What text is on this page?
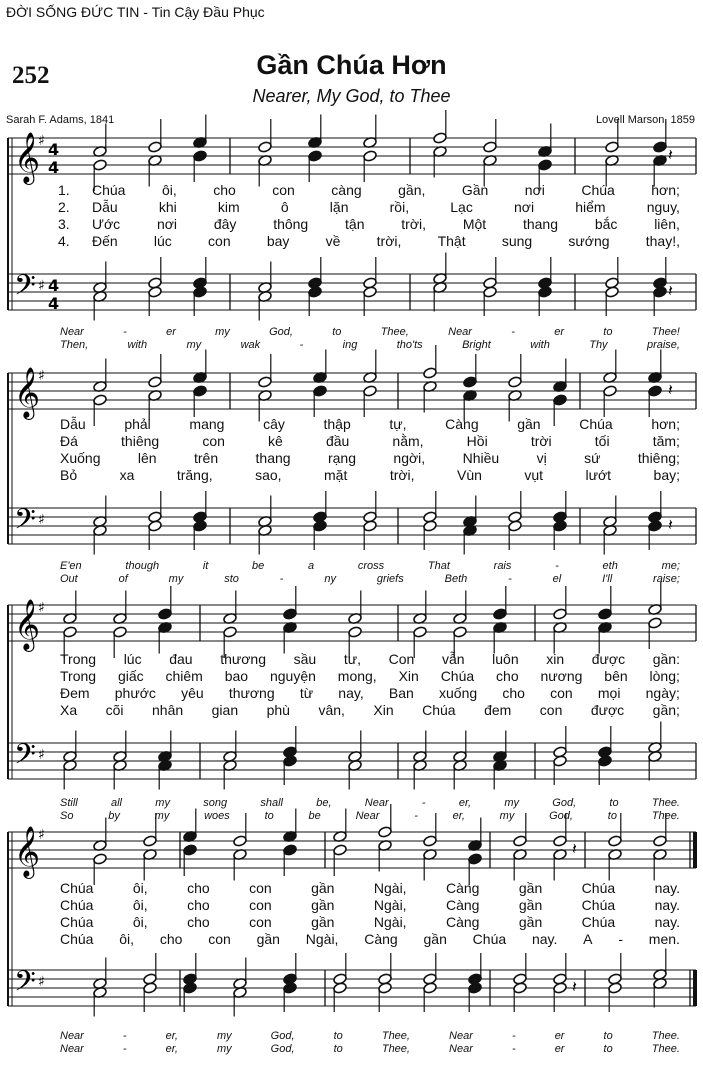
ĐỜI SỐNG ĐỨC TIN - Tin Cậy Đầu Phục
252	Gần Chúa Hơn
Nearer, My God, to Thee
Sarah F. Adams, 1841	Lovell Marson, 1859
𝄞
𝄢
♯
♯
4
4
4
4
𝄽
𝄽
𝄞
𝄢
♯
♯
𝄽
𝄽
𝄞
𝄢
♯
♯
𝄞
𝄢
♯
♯
𝄽
𝄽
Chúa	ôi,	cho	con	càng	gần,	Gần	nơi	Chúa	hơn;
Dẫu	khi	kim	ô	lặn	rồi,	Lạc	nơi	hiểm	nguy,
Ước	nơi	đây	thông	tận	trời,	Một	thang	bắc	liên,
Đến	lúc	con	bay	về	trời,	Thật	sung	sướng	thay!,
1.
2.
3.
4.
Near	-	er	my	God,	to	Thee,	Near	-	er	to	Thee!
Then,	with	my	wak	-	ing	tho'ts	Bright	with	Thy	praise,
Dẫu	phải	mang	cây	thập	tự,	Càng	gần	Chúa	hơn;
Đá	thiêng	con	kê	đầu	nằm,	Hồi	trời	tối	tăm;
Xuống	lên	trên	thang	rạng	ngời,	Nhiều	vị	sứ	thiêng;
Bỏ	xa	trăng,	sao,	mặt	trời,	Vùn	vụt	lướt	bay;
E'en	though	it	be	a	cross	That	rais	-	eth	me;
Out	of	my	sto	-	ny	griefs	Beth	-	el	I'll	raise;
Trong lúc đau thương sầu tư, Con vẫn luôn xin được gần:
Trong giấc chiêm bao nguyện mong, Xin Chúa cho nương bên lòng;
Đem phước yêu thương từ nay, Ban xuống cho con mọi ngày;
Xa cõi nhân gian phù vân, Xin Chúa đem con được gần;
Still	all	my	song	shall	be,	Near	-	er,	my	God,	to	Thee.
So	by	my	woes	to	be	Near	-	er,	my	God,	to	Thee.
Chúa	ôi,	cho	con	gần	Ngài,	Càng	gần	Chúa	nay.
Chúa	ôi,	cho	con	gần	Ngài,	Càng	gần	Chúa	nay.
Chúa	ôi,	cho	con	gần	Ngài,	Càng	gần	Chúa	nay.
Chúa ôi, cho con gần Ngài, Càng gần Chúa nay. A - men.
Near	-	er,	my	God,	to	Thee,	Near	-	er	to	Thee.
Near	-	er,	my	God,	to	Thee,	Near	-	er	to	Thee.
